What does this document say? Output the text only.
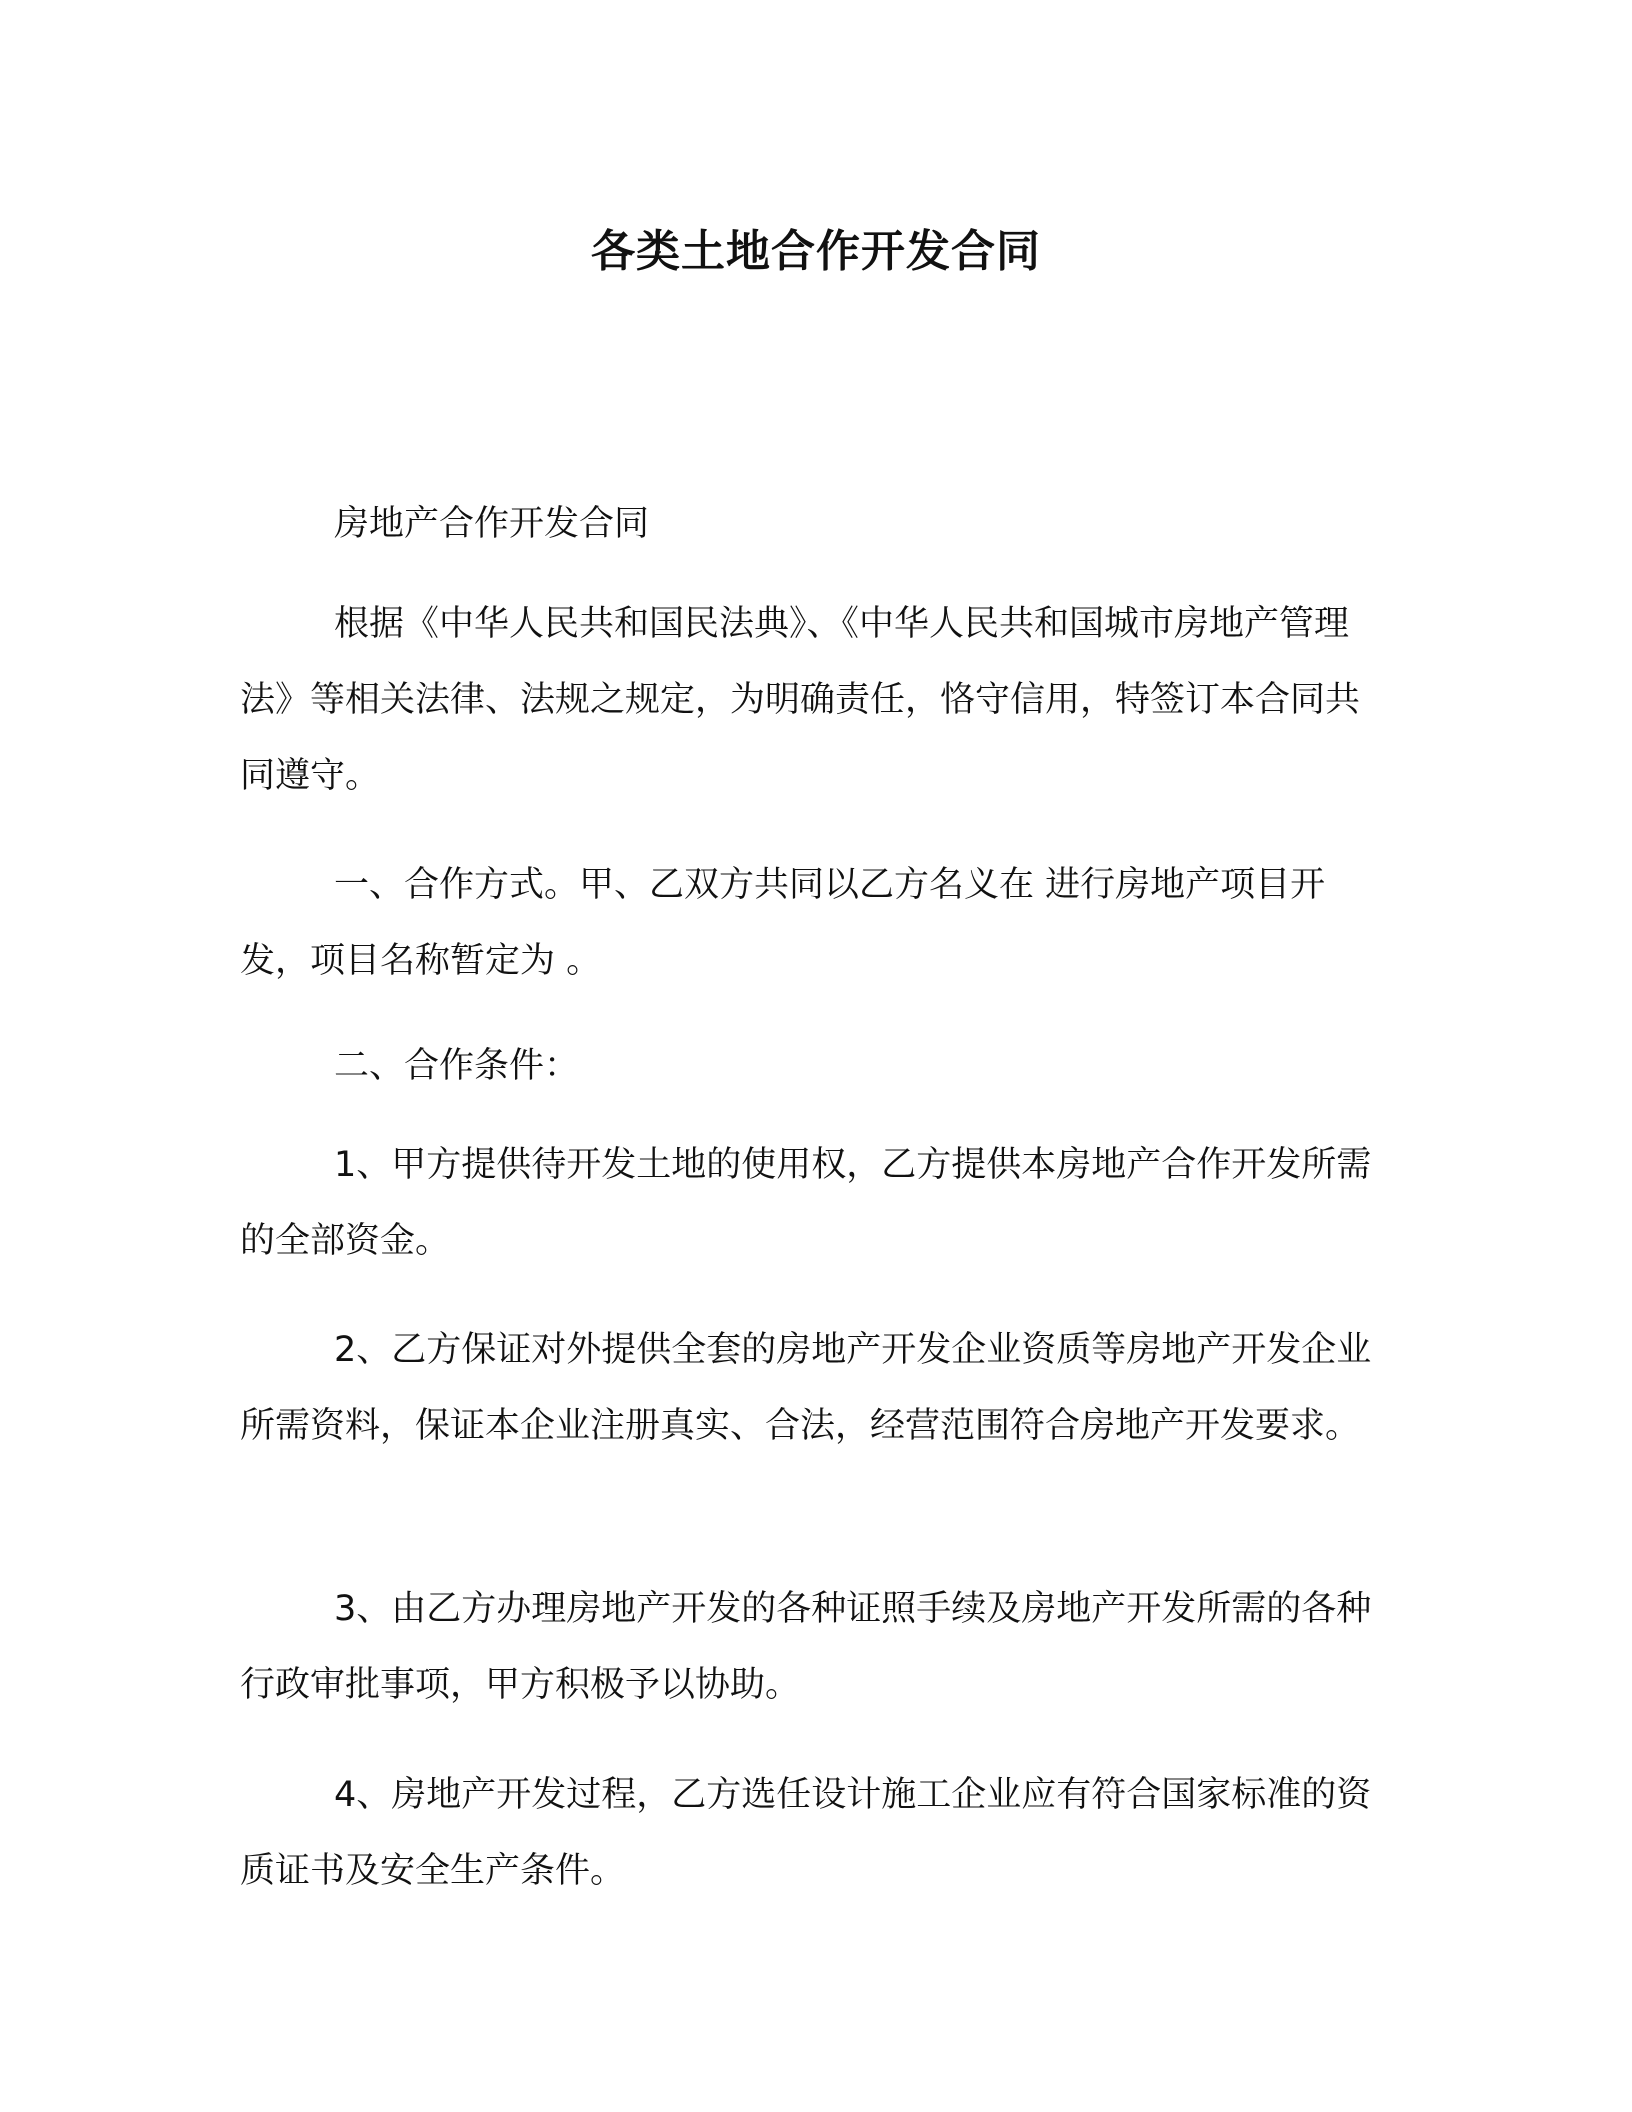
各类土地合作开发合同

房地产合作开发合同

根据《中华人民共和国民法典》、《中华人民共和国城市房地产管理法》等相关法律、法规之规定，为明确责任，恪守信用，特签订本合同共同遵守。

一、合作方式。甲、乙双方共同以乙方名义在 进行房地产项目开发，项目名称暂定为 。

二、合作条件：

1、甲方提供待开发土地的使用权，乙方提供本房地产合作开发所需的全部资金。

2、乙方保证对外提供全套的房地产开发企业资质等房地产开发企业所需资料，保证本企业注册真实、合法，经营范围符合房地产开发要求。

3、由乙方办理房地产开发的各种证照手续及房地产开发所需的各种行政审批事项，甲方积极予以协助。

4、房地产开发过程，乙方选任设计施工企业应有符合国家标准的资质证书及安全生产条件。
